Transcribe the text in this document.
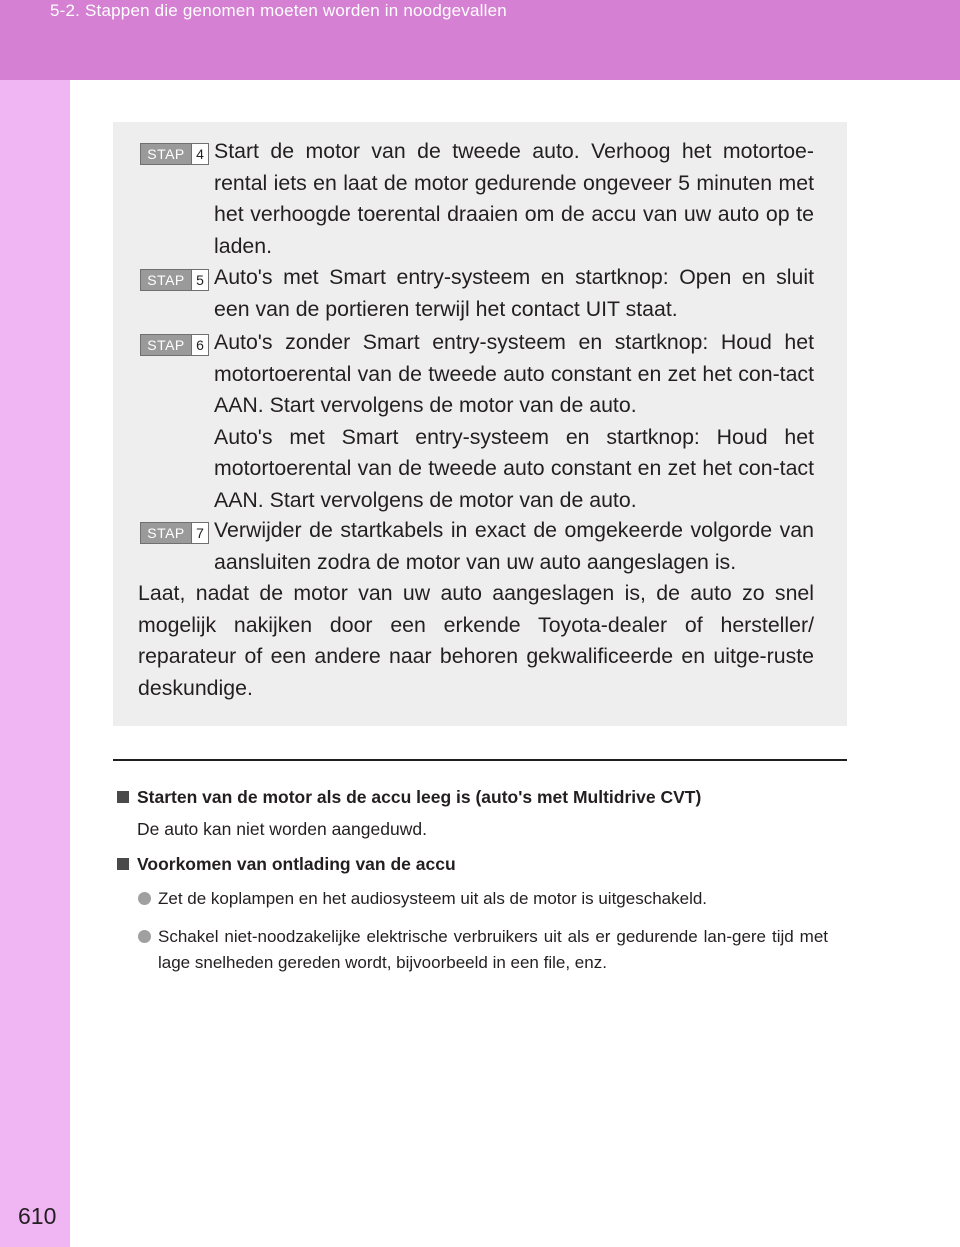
5-2. Stappen die genomen moeten worden in noodgevallen
STAP 4 Start de motor van de tweede auto. Verhoog het motortoe-rental iets en laat de motor gedurende ongeveer 5 minuten met het verhoogde toerental draaien om de accu van uw auto op te laden.

STAP 5 Auto's met Smart entry-systeem en startknop: Open en sluit een van de portieren terwijl het contact UIT staat.

STAP 6 Auto's zonder Smart entry-systeem en startknop: Houd het motortoerental van de tweede auto constant en zet het con-tact AAN. Start vervolgens de motor van de auto.

Auto's met Smart entry-systeem en startknop: Houd het motortoerental van de tweede auto constant en zet het con-tact AAN. Start vervolgens de motor van de auto.

STAP 7 Verwijder de startkabels in exact de omgekeerde volgorde van aansluiten zodra de motor van uw auto aangeslagen is.

Laat, nadat de motor van uw auto aangeslagen is, de auto zo snel mogelijk nakijken door een erkende Toyota-dealer of hersteller/ reparateur of een andere naar behoren gekwalificeerde en uitge-ruste deskundige.
Starten van de motor als de accu leeg is (auto's met Multidrive CVT)
De auto kan niet worden aangeduwd.
Voorkomen van ontlading van de accu
Zet de koplampen en het audiosysteem uit als de motor is uitgeschakeld.
Schakel niet-noodzakelijke elektrische verbruikers uit als er gedurende lan-gere tijd met lage snelheden gereden wordt, bijvoorbeeld in een file, enz.
610
